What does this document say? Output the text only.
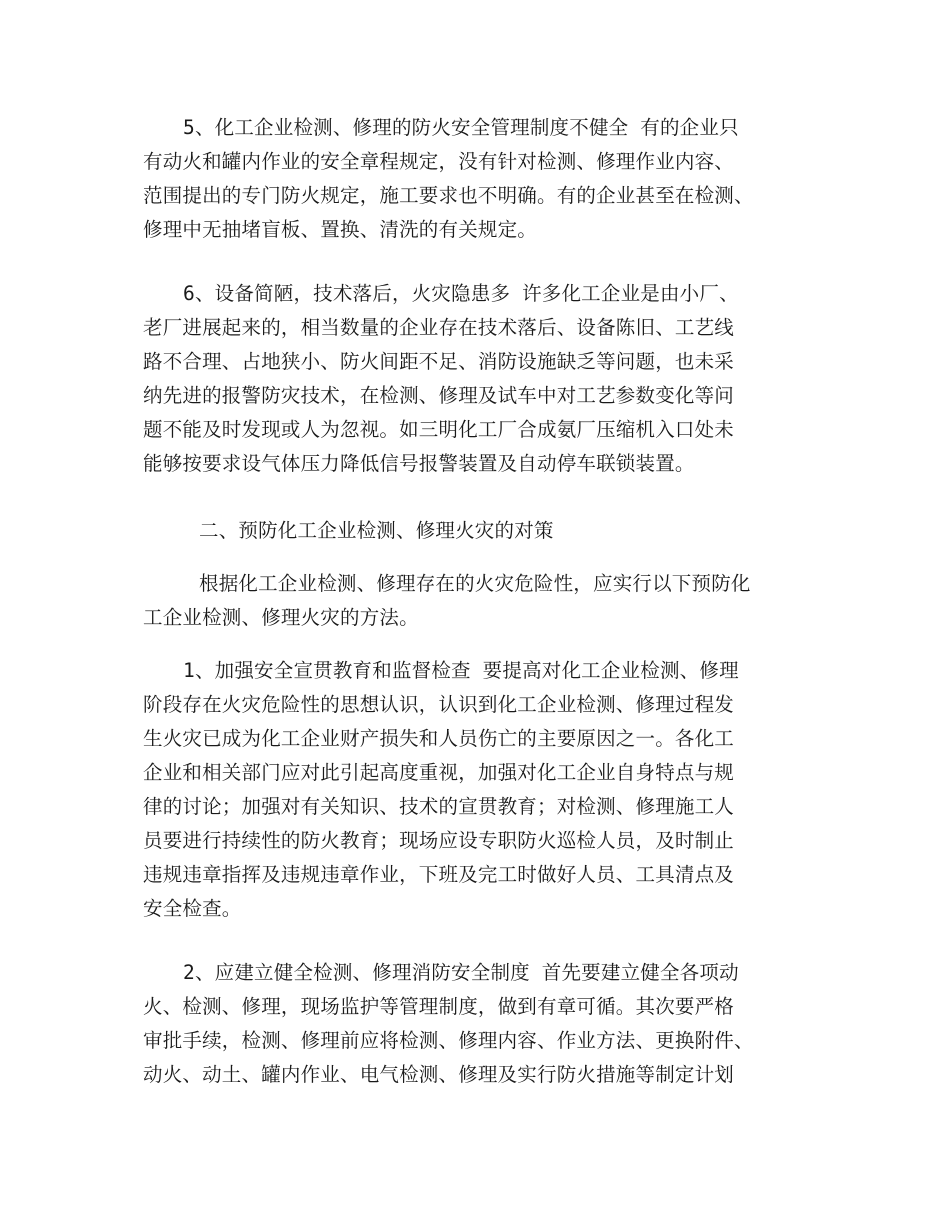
5、化工企业检测、修理的防火安全管理制度不健全 有的企业只
有动火和罐内作业的安全章程规定，没有针对检测、修理作业内容、
范围提出的专门防火规定，施工要求也不明确。有的企业甚至在检测、
修理中无抽堵盲板、置换、清洗的有关规定。
6、设备简陋，技术落后，火灾隐患多 许多化工企业是由小厂、
老厂进展起来的，相当数量的企业存在技术落后、设备陈旧、工艺线
路不合理、占地狭小、防火间距不足、消防设施缺乏等问题，也未采
纳先进的报警防灾技术，在检测、修理及试车中对工艺参数变化等问
题不能及时发现或人为忽视。如三明化工厂合成氨厂压缩机入口处未
能够按要求设气体压力降低信号报警装置及自动停车联锁装置。
二、预防化工企业检测、修理火灾的对策
根据化工企业检测、修理存在的火灾危险性，应实行以下预防化
工企业检测、修理火灾的方法。
1、加强安全宣贯教育和监督检查 要提高对化工企业检测、修理
阶段存在火灾危险性的思想认识，认识到化工企业检测、修理过程发
生火灾已成为化工企业财产损失和人员伤亡的主要原因之一。各化工
企业和相关部门应对此引起高度重视，加强对化工企业自身特点与规
律的讨论；加强对有关知识、技术的宣贯教育；对检测、修理施工人
员要进行持续性的防火教育；现场应设专职防火巡检人员，及时制止
违规违章指挥及违规违章作业，下班及完工时做好人员、工具清点及
安全检查。
2、应建立健全检测、修理消防安全制度 首先要建立健全各项动
火、检测、修理，现场监护等管理制度，做到有章可循。其次要严格
审批手续，检测、修理前应将检测、修理内容、作业方法、更换附件、
动火、动土、罐内作业、电气检测、修理及实行防火措施等制定计划
